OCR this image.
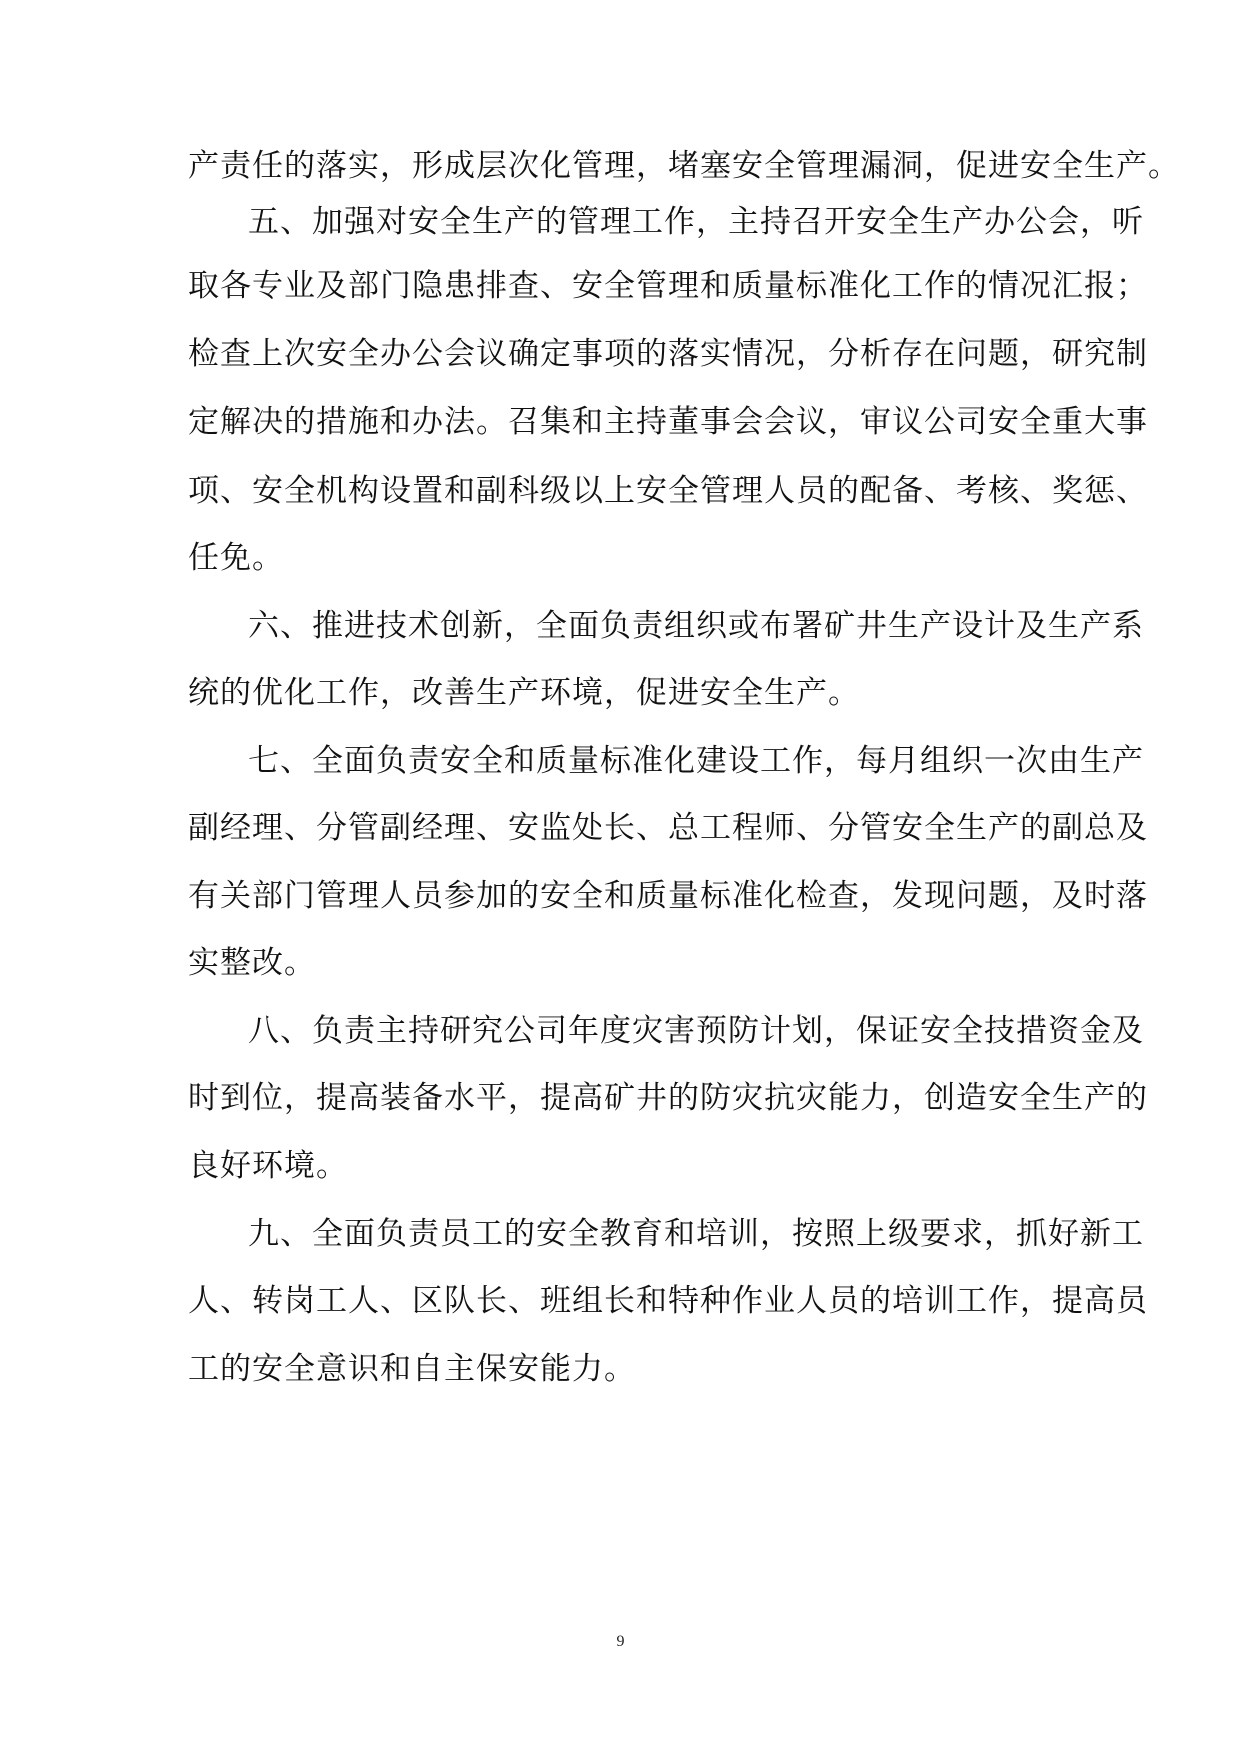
产责任的落实，形成层次化管理，堵塞安全管理漏洞，促进安全生产。
五、加强对安全生产的管理工作，主持召开安全生产办公会，听
取各专业及部门隐患排查、安全管理和质量标准化工作的情况汇报；
检查上次安全办公会议确定事项的落实情况，分析存在问题，研究制
定解决的措施和办法。召集和主持董事会会议，审议公司安全重大事
项、安全机构设置和副科级以上安全管理人员的配备、考核、奖惩、
任免。
六、推进技术创新，全面负责组织或布署矿井生产设计及生产系
统的优化工作，改善生产环境，促进安全生产。
七、全面负责安全和质量标准化建设工作，每月组织一次由生产
副经理、分管副经理、安监处长、总工程师、分管安全生产的副总及
有关部门管理人员参加的安全和质量标准化检查，发现问题，及时落
实整改。
八、负责主持研究公司年度灾害预防计划，保证安全技措资金及
时到位，提高装备水平，提高矿井的防灾抗灾能力，创造安全生产的
良好环境。
九、全面负责员工的安全教育和培训，按照上级要求，抓好新工
人、转岗工人、区队长、班组长和特种作业人员的培训工作，提高员
工的安全意识和自主保安能力。
9
